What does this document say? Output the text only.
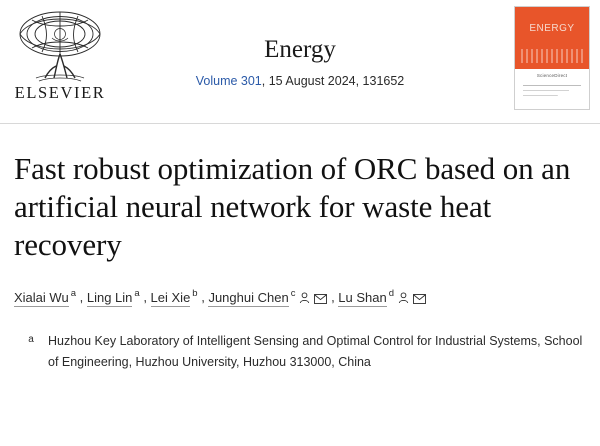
ELSEVIER
Energy
Volume 301, 15 August 2024, 131652
ENERGY
ScienceDirect
Fast robust optimization of ORC based on an artificial neural network for waste heat recovery
Xialai Wu $^a$ , Ling Lin $^a$ , Lei Xie $^b$ , Junghui Chen $^c$	, Lu Shan $^d$
a	Huzhou Key Laboratory of Intelligent Sensing and Optimal Control for Industrial Systems, School of Engineering, Huzhou University, Huzhou 313000, China
